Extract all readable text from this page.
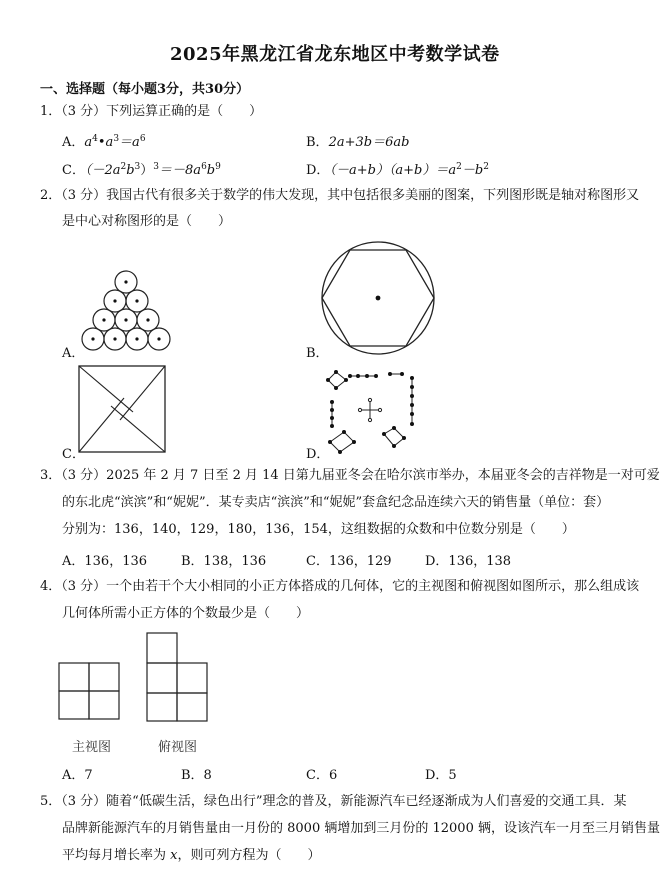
2025年黑龙江省龙东地区中考数学试卷
一、选择题（每小题3分，共30分）
1．（3 分）下列运算正确的是（　　）
A．$a^4•a^3=a^6$	B．2a+3b＝6ab
C．$(-2a^2b^3)^3=-8a^6b^9$	D．$(-a+b)(a+b)=a^2-b^2$
2．（3 分）我国古代有很多关于数学的伟大发现，其中包括很多美丽的图案，下列图形既是轴对称图形又
是中心对称图形的是（　　）
A．	B．
C．	D．
3．（3 分）2025 年 2 月 7 日至 2 月 14 日第九届亚冬会在哈尔滨市举办，本届亚冬会的吉祥物是一对可爱
的东北虎“滨滨”和“妮妮”．某专卖店“滨滨”和“妮妮”套盒纪念品连续六天的销售量（单位：套）
分别为：136，140，129，180，136，154，这组数据的众数和中位数分别是（　　）
A．136，136	B．138，136	C．136，129	D．136，138
4．（3 分）一个由若干个大小相同的小正方体搭成的几何体，它的主视图和俯视图如图所示，那么组成该
几何体所需小正方体的个数最少是（　　）
主视图	俯视图
A．7	B．8	C．6	D．5
5．（3 分）随着“低碳生活，绿色出行”理念的普及，新能源汽车已经逐渐成为人们喜爱的交通工具．某
品牌新能源汽车的月销售量由一月份的 8000 辆增加到三月份的 12000 辆，设该汽车一月至三月销售量
平均每月增长率为 x，则可列方程为（　　）
